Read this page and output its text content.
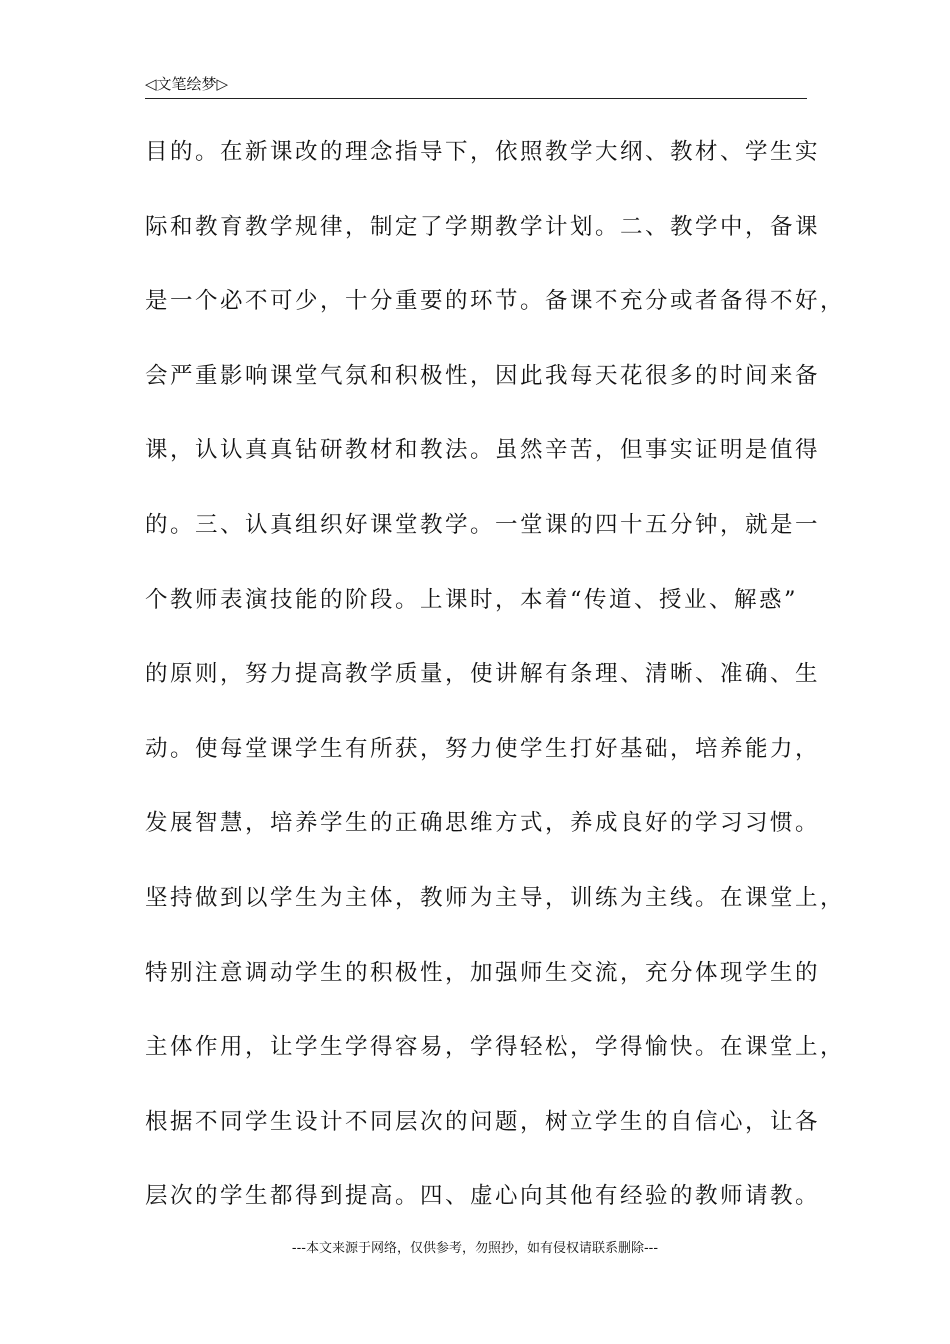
◁文笔绘梦▷
目的。在新课改的理念指导下，依照教学大纲、教材、学生实
际和教育教学规律，制定了学期教学计划。二、教学中，备课
是一个必不可少，十分重要的环节。备课不充分或者备得不好，
会严重影响课堂气氛和积极性，因此我每天花很多的时间来备
课，认认真真钻研教材和教法。虽然辛苦，但事实证明是值得
的。三、认真组织好课堂教学。一堂课的四十五分钟，就是一
个教师表演技能的阶段。上课时，本着“传道、授业、解惑”
的原则，努力提高教学质量，使讲解有条理、清晰、准确、生
动。使每堂课学生有所获，努力使学生打好基础，培养能力，
发展智慧，培养学生的正确思维方式，养成良好的学习习惯。
坚持做到以学生为主体，教师为主导，训练为主线。在课堂上，
特别注意调动学生的积极性，加强师生交流，充分体现学生的
主体作用，让学生学得容易，学得轻松，学得愉快。在课堂上，
根据不同学生设计不同层次的问题，树立学生的自信心，让各
层次的学生都得到提高。四、虚心向其他有经验的教师请教。
---本文来源于网络，仅供参考，勿照抄，如有侵权请联系删除---
